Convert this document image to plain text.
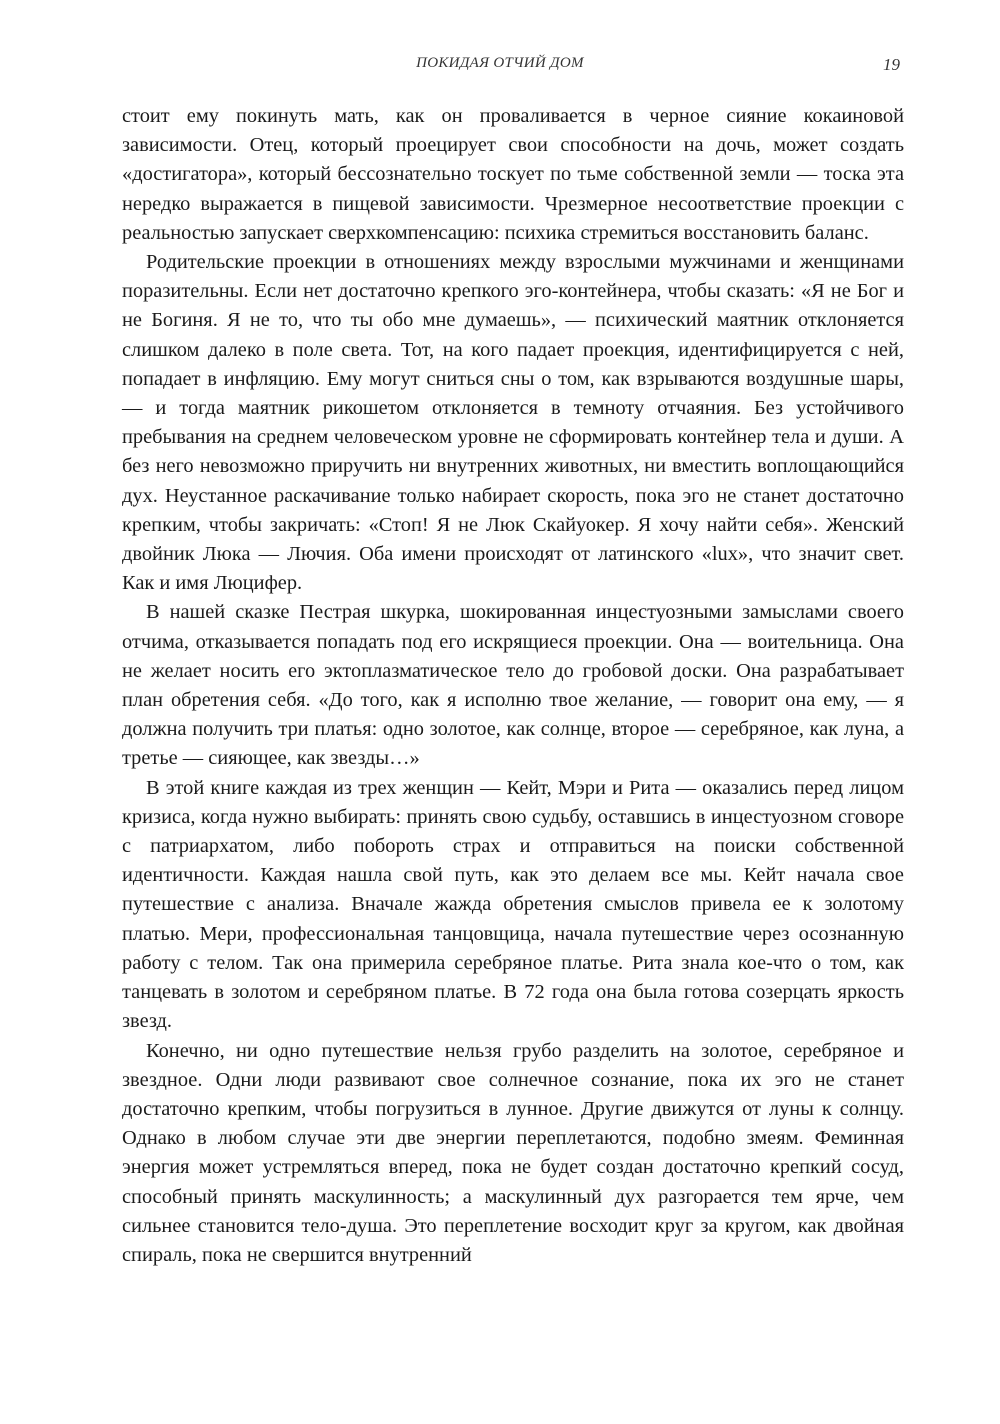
ПОКИДАЯ ОТЧИЙ ДОМ	19

стоит ему покинуть мать, как он проваливается в черное сияние кокаиновой зависимости. Отец, который проецирует свои способности на дочь, может создать «достигатора», который бессознательно тоскует по тьме собственной земли — тоска эта нередко выражается в пищевой зависимости. Чрезмерное несоответствие проекции с реальностью запускает сверхкомпенсацию: психика стремиться восстановить баланс.

Родительские проекции в отношениях между взрослыми мужчинами и женщинами поразительны. Если нет достаточно крепкого эго-контейнера, чтобы сказать: «Я не Бог и не Богиня. Я не то, что ты обо мне думаешь», — психический маятник отклоняется слишком далеко в поле света. Тот, на кого падает проекция, идентифицируется с ней, попадает в инфляцию. Ему могут сниться сны о том, как взрываются воздушные шары, — и тогда маятник рикошетом отклоняется в темноту отчаяния. Без устойчивого пребывания на среднем человеческом уровне не сформировать контейнер тела и души. А без него невозможно приручить ни внутренних животных, ни вместить воплощающийся дух. Неустанное раскачивание только набирает скорость, пока эго не станет достаточно крепким, чтобы закричать: «Стоп! Я не Люк Скайуокер. Я хочу найти себя». Женский двойник Люка — Лючия. Оба имени происходят от латинского «lux», что значит свет. Как и имя Люцифер.

В нашей сказке Пестрая шкурка, шокированная инцестуозными замыслами своего отчима, отказывается попадать под его искрящиеся проекции. Она — воительница. Она не желает носить его эктоплазматическое тело до гробовой доски. Она разрабатывает план обретения себя. «До того, как я исполню твое желание, — говорит она ему, — я должна получить три платья: одно золотое, как солнце, второе — серебряное, как луна, а третье — сияющее, как звезды…»

В этой книге каждая из трех женщин — Кейт, Мэри и Рита — оказались перед лицом кризиса, когда нужно выбирать: принять свою судьбу, оставшись в инцестуозном сговоре с патриархатом, либо побороть страх и отправиться на поиски собственной идентичности. Каждая нашла свой путь, как это делаем все мы. Кейт начала свое путешествие с анализа. Вначале жажда обретения смыслов привела ее к золотому платью. Мери, профессиональная танцовщица, начала путешествие через осознанную работу с телом. Так она примерила серебряное платье. Рита знала кое-что о том, как танцевать в золотом и серебряном платье. В 72 года она была готова созерцать яркость звезд.

Конечно, ни одно путешествие нельзя грубо разделить на золотое, серебряное и звездное. Одни люди развивают свое солнечное сознание, пока их эго не станет достаточно крепким, чтобы погрузиться в лунное. Другие движутся от луны к солнцу. Однако в любом случае эти две энергии переплетаются, подобно змеям. Феминная энергия может устремляться вперед, пока не будет создан достаточно крепкий сосуд, способный принять маскулинность; а маскулинный дух разгорается тем ярче, чем сильнее становится тело-душа. Это переплетение восходит круг за кругом, как двойная спираль, пока не свершится внутренний
